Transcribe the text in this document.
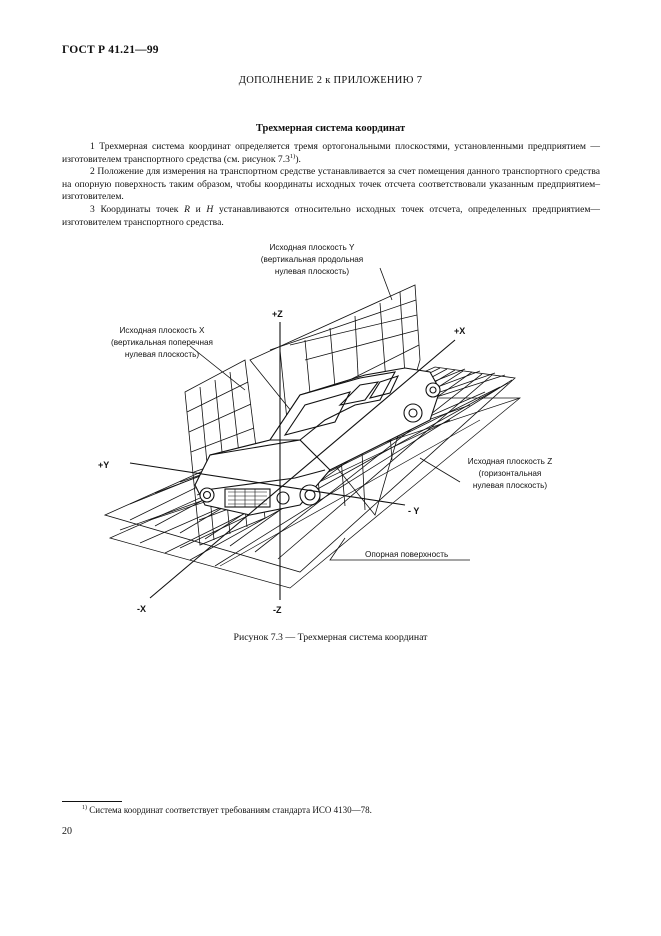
ГОСТ Р 41.21—99
ДОПОЛНЕНИЕ 2 к ПРИЛОЖЕНИЮ 7
Трехмерная система координат

1 Трехмерная система координат определяется тремя ортогональными плоскостями, установленными предприятием — изготовителем транспортного средства (см. рисунок 7.3$^{1)}$).

2 Положение для измерения на транспортном средстве устанавливается за счет помещения данного транспортного средства на опорную поверхность таким образом, чтобы координаты исходных точек отсчета соответствовали указанным предприятием–изготовителем.

3 Координаты точек R и H устанавливаются относительно исходных точек отсчета, определенных предприятием—изготовителем транспортного средства.

+Z
-Z
+X
-X
+Y
- Y
Исходная плоскость Y
(вертикальная продольная
нулевая плоскость)
Исходная плоскость X
(вертикальная поперечная
нулевая плоскость)
Исходная плоскость Z
(горизонтальная
нулевая плоскость)
Опорная поверхность
Рисунок 7.3 — Трехмерная система координат
$^{1)}$ Система координат соответствует требованиям стандарта ИСО 4130—78.
20
